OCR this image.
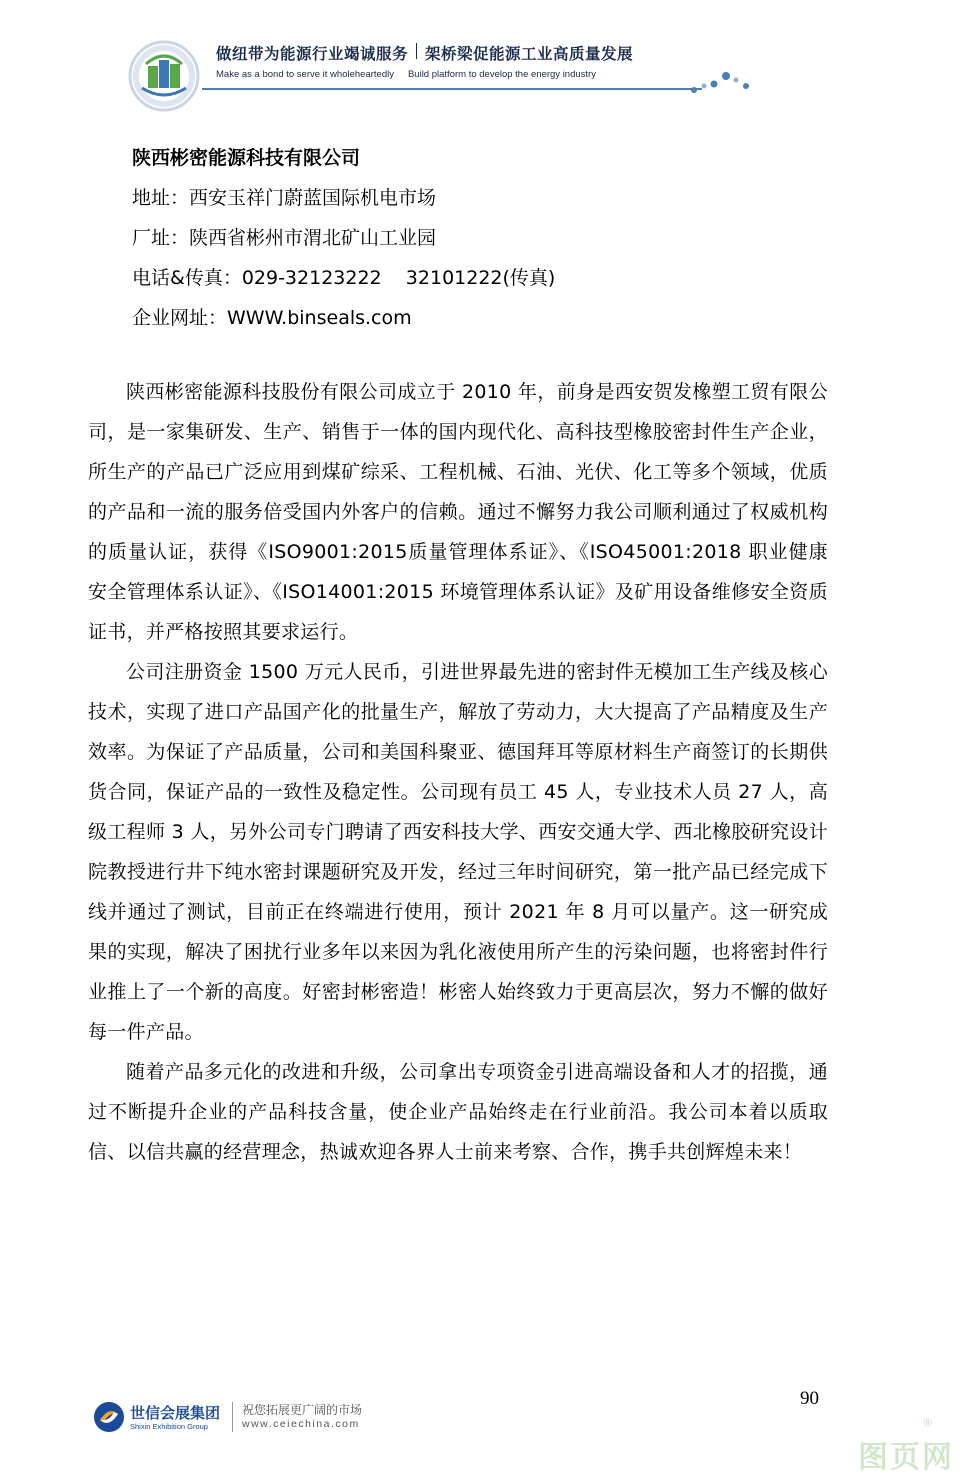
做纽带为能源行业竭诚服务 架桥梁促能源工业高质量发展
Make as a bond to serve it wholeheartedly Build platform to develop the energy industry
陕西彬密能源科技有限公司
地址：西安玉祥门蔚蓝国际机电市场
厂址：陕西省彬州市渭北矿山工业园
电话&传真：029-32123222    32101222(传真)
企业网址：WWW.binseals.com

陕西彬密能源科技股份有限公司成立于 2010 年，前身是西安贺发橡塑工贸有限公司，是一家集研发、生产、销售于一体的国内现代化、高科技型橡胶密封件生产企业，所生产的产品已广泛应用到煤矿综采、工程机械、石油、光伏、化工等多个领域，优质的产品和一流的服务倍受国内外客户的信赖。通过不懈努力我公司顺利通过了权威机构的质量认证，获得《ISO9001:2015质量管理体系证》、《ISO45001:2018 职业健康安全管理体系认证》、《ISO14001:2015 环境管理体系认证》及矿用设备维修安全资质证书，并严格按照其要求运行。

公司注册资金 1500 万元人民币，引进世界最先进的密封件无模加工生产线及核心技术，实现了进口产品国产化的批量生产，解放了劳动力，大大提高了产品精度及生产效率。为保证了产品质量，公司和美国科聚亚、德国拜耳等原材料生产商签订的长期供货合同，保证产品的一致性及稳定性。公司现有员工 45 人，专业技术人员 27 人，高级工程师 3 人，另外公司专门聘请了西安科技大学、西安交通大学、西北橡胶研究设计院教授进行井下纯水密封课题研究及开发，经过三年时间研究，第一批产品已经完成下线并通过了测试，目前正在终端进行使用，预计 2021 年 8 月可以量产。这一研究成果的实现，解决了困扰行业多年以来因为乳化液使用所产生的污染问题，也将密封件行业推上了一个新的高度。好密封彬密造！彬密人始终致力于更高层次，努力不懈的做好每一件产品。

随着产品多元化的改进和升级，公司拿出专项资金引进高端设备和人才的招揽，通过不断提升企业的产品科技含量，使企业产品始终走在行业前沿。我公司本着以质取信、以信共赢的经营理念，热诚欢迎各界人士前来考察、合作，携手共创辉煌未来！

世信会展集团
Shixin Exhibition Group
祝您拓展更广阔的市场
www.ceiechina.com
90
图页网
®
